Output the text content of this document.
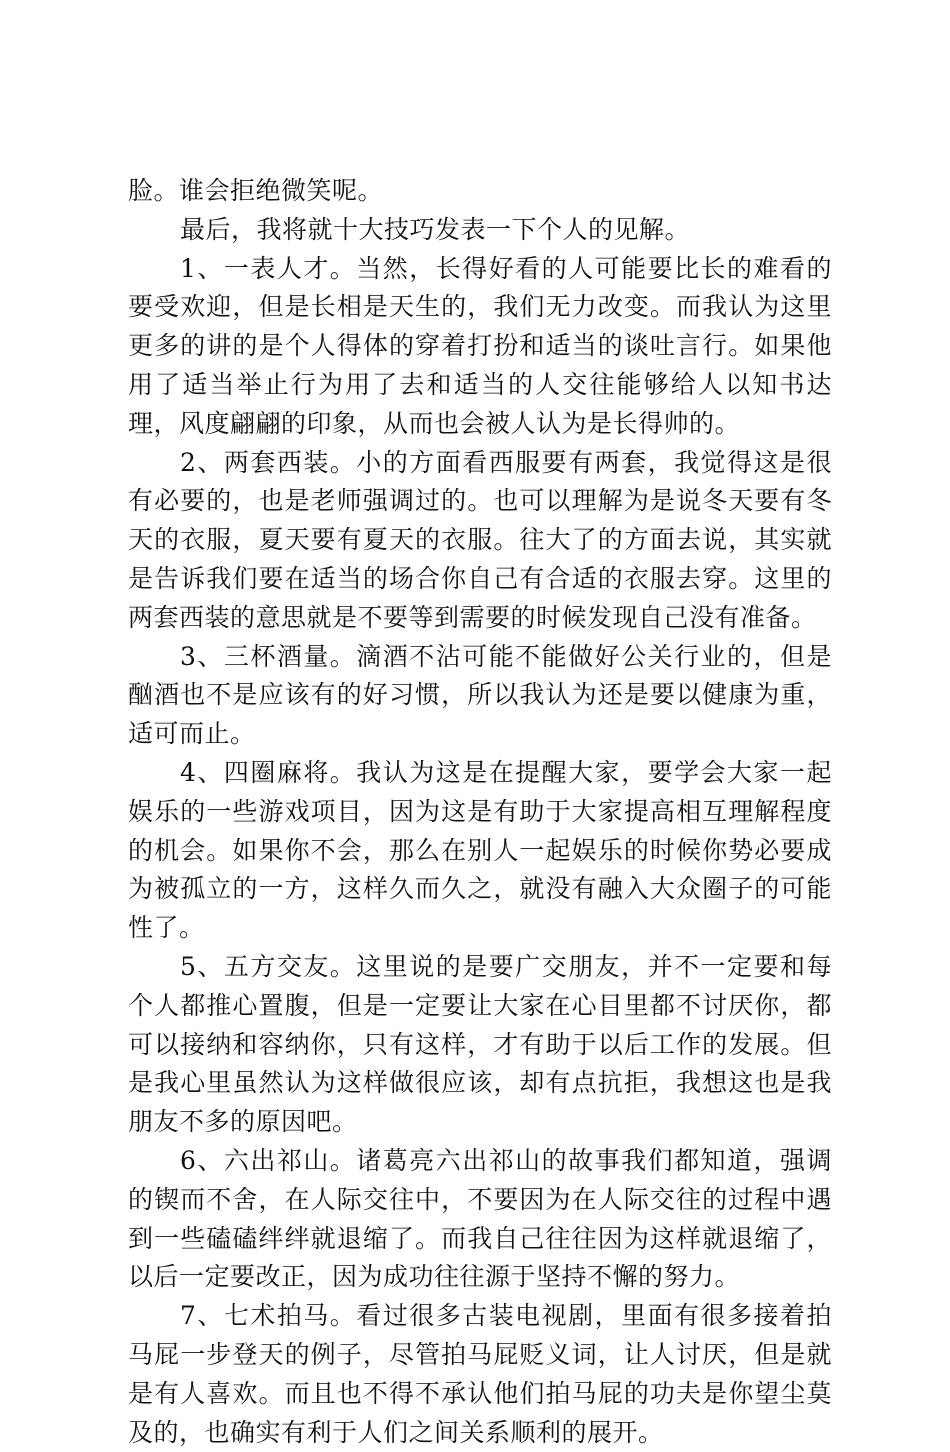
脸。谁会拒绝微笑呢。

最后，我将就十大技巧发表一下个人的见解。

1、一表人才。当然，长得好看的人可能要比长的难看的要受欢迎，但是长相是天生的，我们无力改变。而我认为这里更多的讲的是个人得体的穿着打扮和适当的谈吐言行。如果他用了适当举止行为用了去和适当的人交往能够给人以知书达理，风度翩翩的印象，从而也会被人认为是长得帅的。

2、两套西装。小的方面看西服要有两套，我觉得这是很有必要的，也是老师强调过的。也可以理解为是说冬天要有冬天的衣服，夏天要有夏天的衣服。往大了的方面去说，其实就是告诉我们要在适当的场合你自己有合适的衣服去穿。这里的两套西装的意思就是不要等到需要的时候发现自己没有准备。

3、三杯酒量。滴酒不沾可能不能做好公关行业的，但是酗酒也不是应该有的好习惯，所以我认为还是要以健康为重，适可而止。

4、四圈麻将。我认为这是在提醒大家，要学会大家一起娱乐的一些游戏项目，因为这是有助于大家提高相互理解程度的机会。如果你不会，那么在别人一起娱乐的时候你势必要成为被孤立的一方，这样久而久之，就没有融入大众圈子的可能性了。

5、五方交友。这里说的是要广交朋友，并不一定要和每个人都推心置腹，但是一定要让大家在心目里都不讨厌你，都可以接纳和容纳你，只有这样，才有助于以后工作的发展。但是我心里虽然认为这样做很应该，却有点抗拒，我想这也是我朋友不多的原因吧。

6、六出祁山。诸葛亮六出祁山的故事我们都知道，强调的锲而不舍，在人际交往中，不要因为在人际交往的过程中遇到一些磕磕绊绊就退缩了。而我自己往往因为这样就退缩了，以后一定要改正，因为成功往往源于坚持不懈的努力。

7、七术拍马。看过很多古装电视剧，里面有很多接着拍马屁一步登天的例子，尽管拍马屁贬义词，让人讨厌，但是就是有人喜欢。而且也不得不承认他们拍马屁的功夫是你望尘莫及的，也确实有利于人们之间关系顺利的展开。
